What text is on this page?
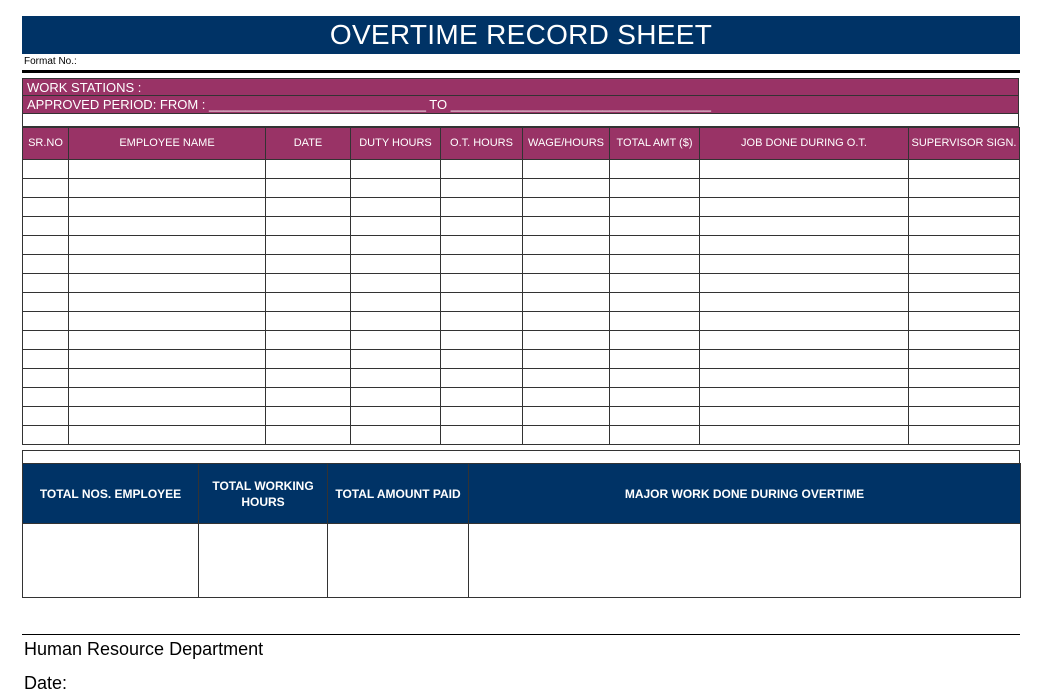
OVERTIME RECORD SHEET
Format No.:
WORK STATIONS :
APPROVED PERIOD: FROM : ______________________________ TO ____________________________________
SR.NO	EMPLOYEE NAME	DATE	DUTY HOURS	O.T. HOURS	WAGE/HOURS	TOTAL AMT ($)	JOB DONE DURING O.T.	SUPERVISOR SIGN.

TOTAL NOS. EMPLOYEE	TOTAL WORKING HOURS	TOTAL AMOUNT PAID	MAJOR WORK DONE DURING OVERTIME

Human Resource Department
Date:
